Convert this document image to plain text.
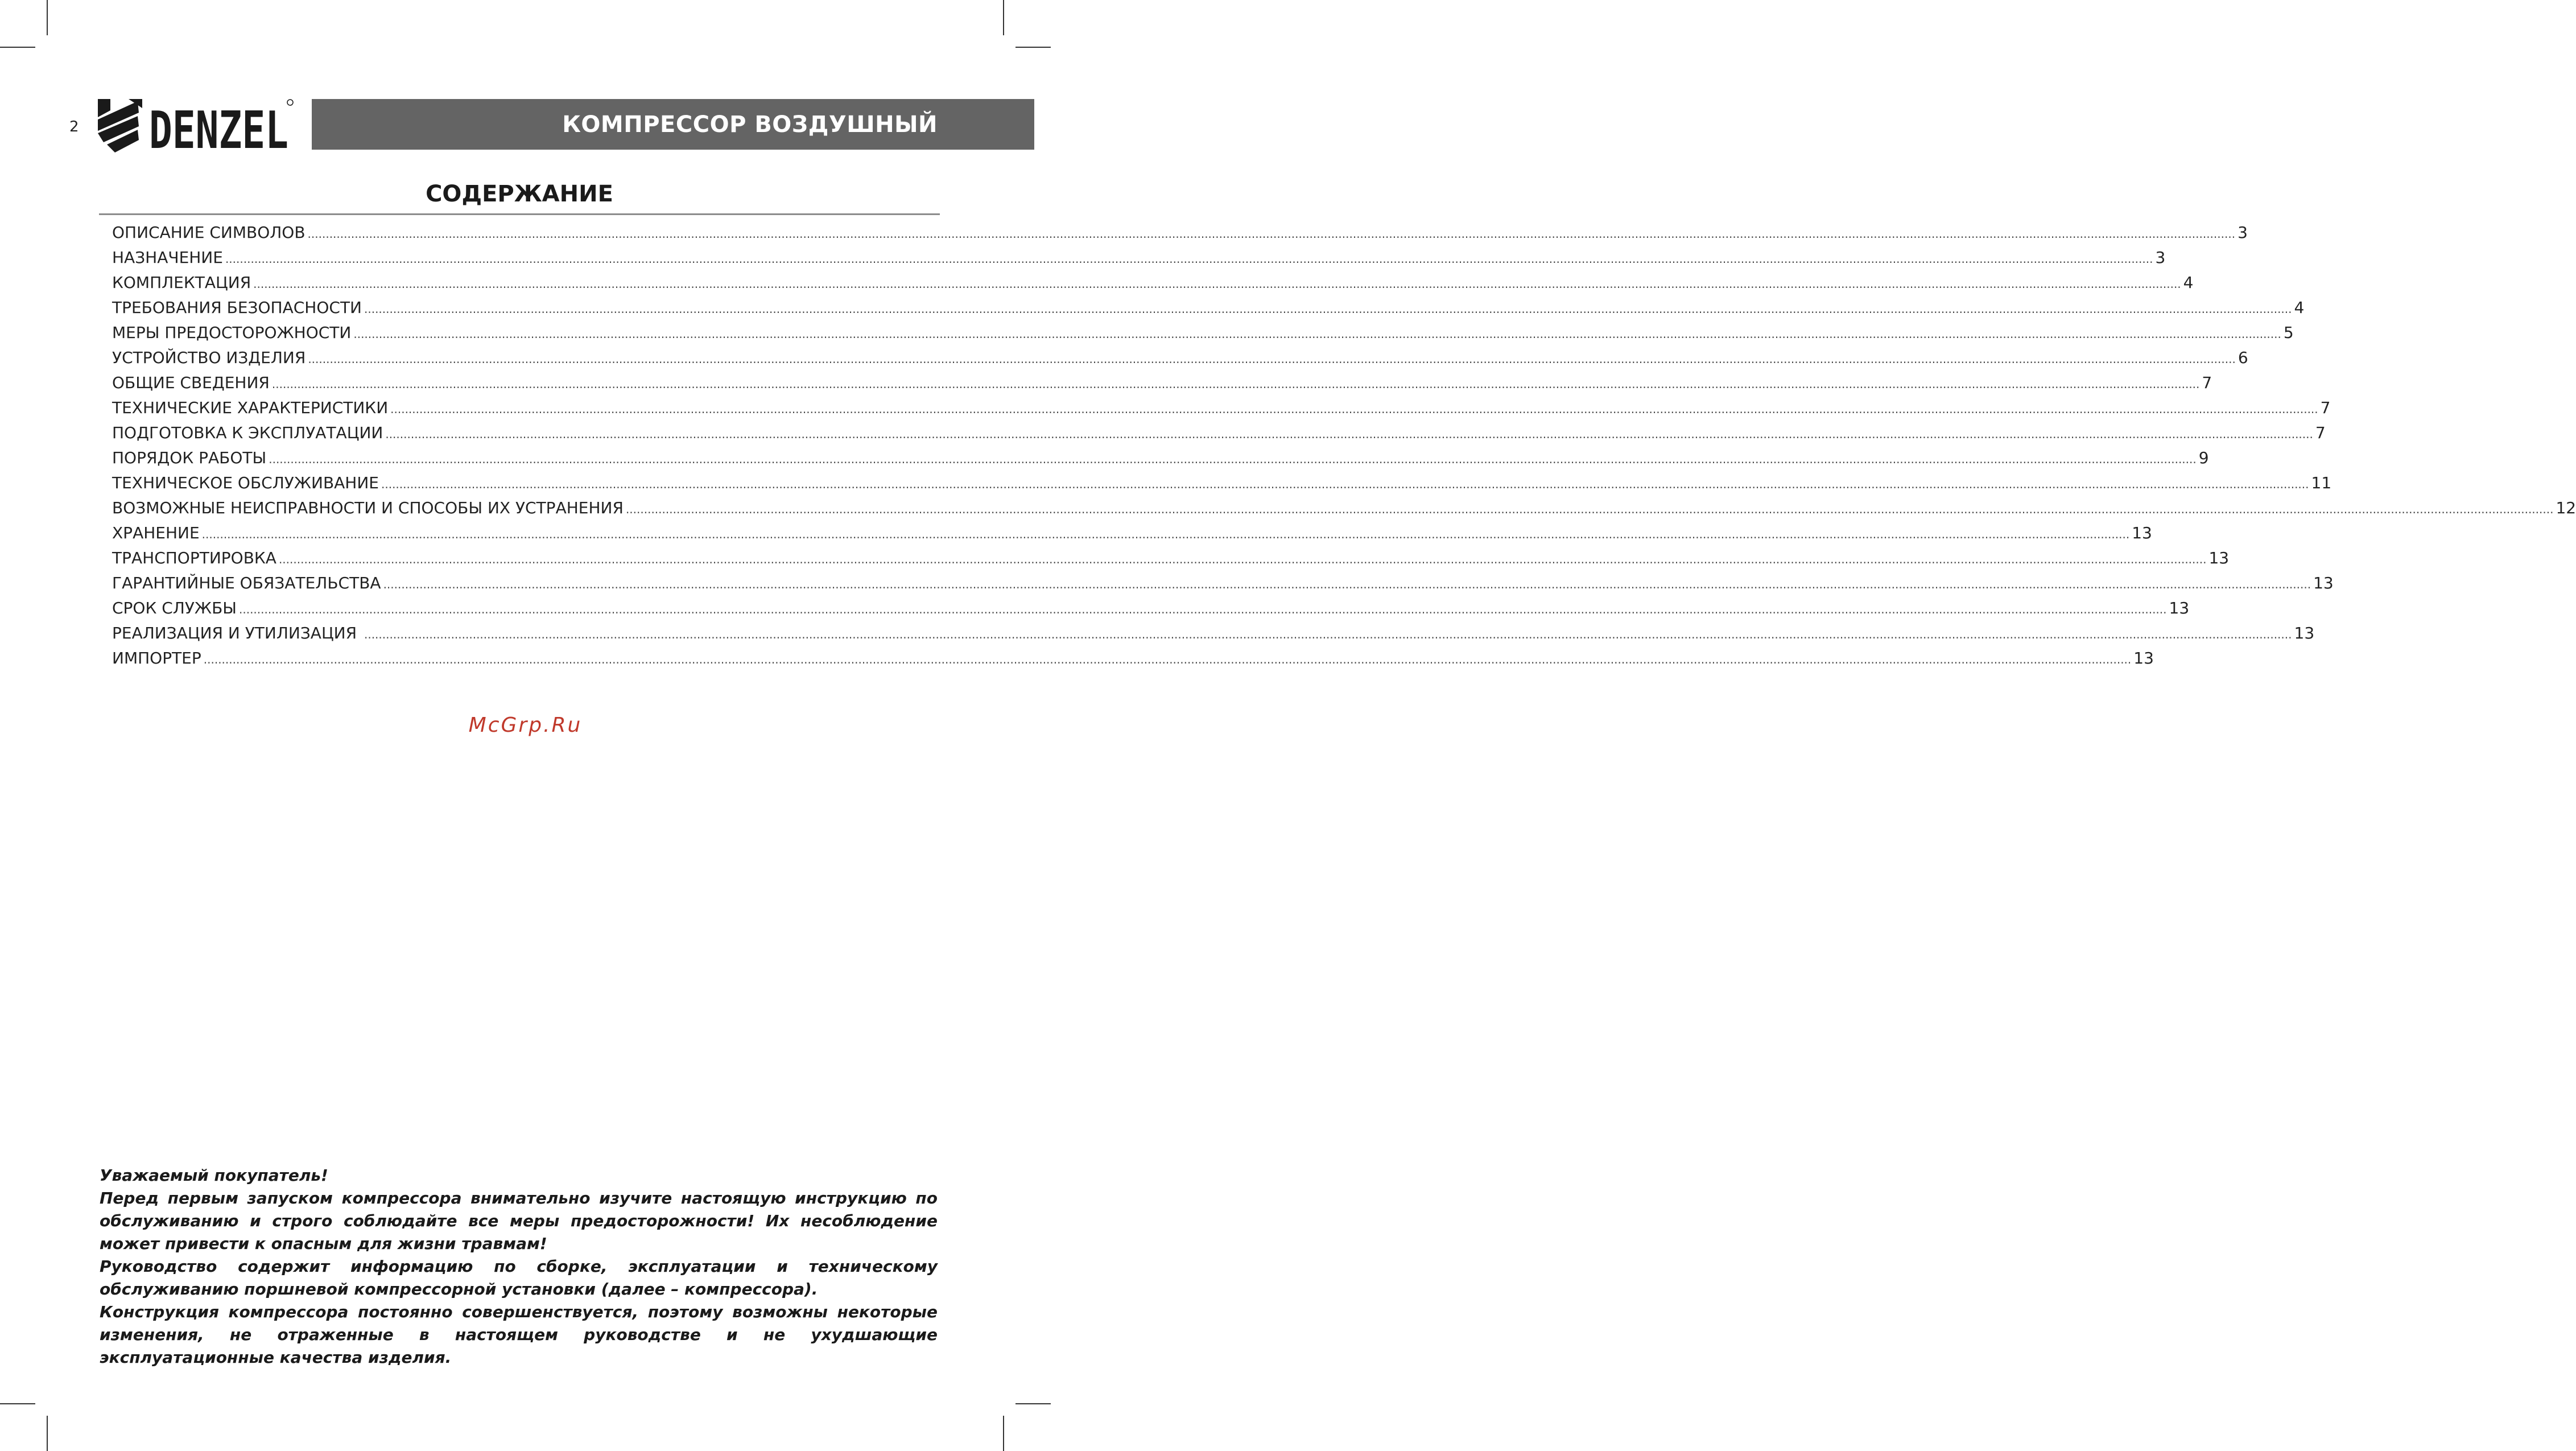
2 DENZEL	КОМПРЕССОР ВОЗДУШНЫЙ
СОДЕРЖАНИЕ
ОПИСАНИЕ СИМВОЛОВ .....	3
НАЗНАЧЕНИЕ .....	3
КОМПЛЕКТАЦИЯ .....	4
ТРЕБОВАНИЯ БЕЗОПАСНОСТИ .....	4
МЕРЫ ПРЕДОСТОРОЖНОСТИ .....	5
УСТРОЙСТВО ИЗДЕЛИЯ .....	6
ОБЩИЕ СВЕДЕНИЯ .....	7
ТЕХНИЧЕСКИЕ ХАРАКТЕРИСТИКИ .....	7
ПОДГОТОВКА К ЭКСПЛУАТАЦИИ .....	7
ПОРЯДОК РАБОТЫ .....	9
ТЕХНИЧЕСКОЕ ОБСЛУЖИВАНИЕ .....	11
ВОЗМОЖНЫЕ НЕИСПРАВНОСТИ И СПОСОБЫ ИХ УСТРАНЕНИЯ .....	12
ХРАНЕНИЕ .....	13
ТРАНСПОРТИРОВКА .....	13
ГАРАНТИЙНЫЕ ОБЯЗАТЕЛЬСТВА .....	13
СРОК СЛУЖБЫ .....	13
РЕАЛИЗАЦИЯ И УТИЛИЗАЦИЯ .....	13
ИМПОРТЕР .....	13
McGrp.Ru

Уважаемый покупатель!

Перед первым запуском компрессора внимательно изучите настоящую инструкцию по обслуживанию и строго соблюдайте все меры предосторожности! Их несоблюдение может привести к опасным для жизни травмам!

Руководство содержит информацию по сборке, эксплуатации и техническому обслуживанию поршневой компрессорной установки (далее – компрессора).

Конструкция компрессора постоянно совершенствуется, поэтому возможны некоторые изменения, не отраженные в настоящем руководстве и не ухудшающие эксплуатационные качества изделия.
